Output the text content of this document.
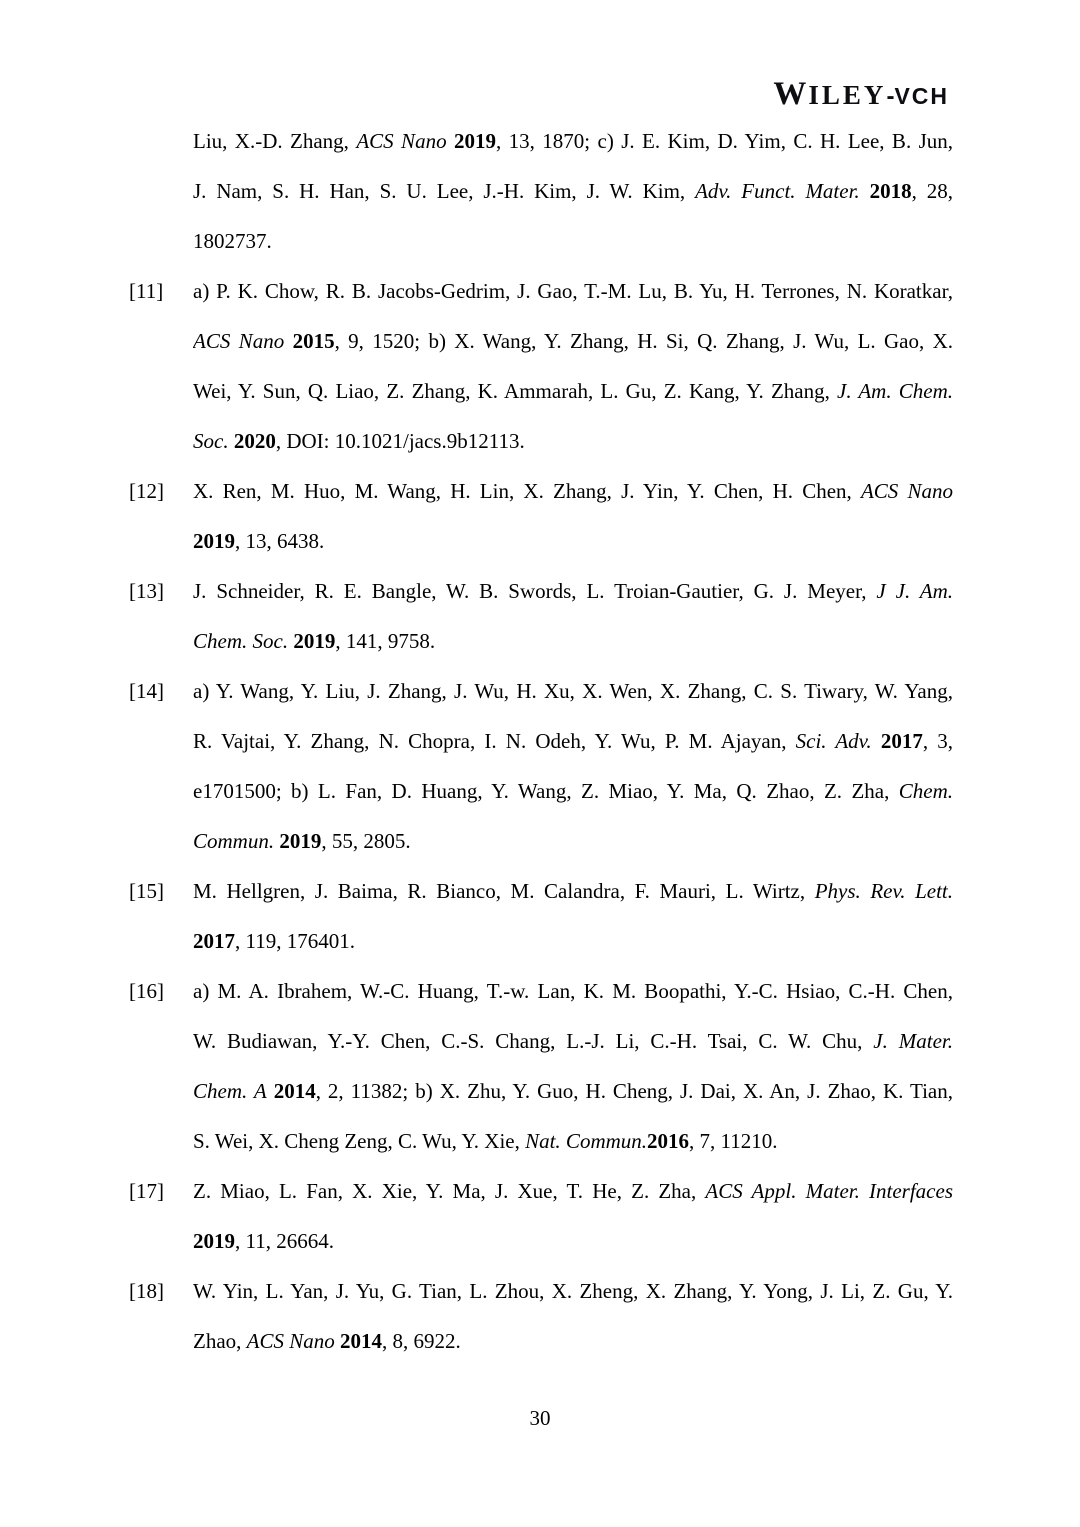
WILEY-VCH
Liu, X.-D. Zhang, ACS Nano 2019, 13, 1870; c) J. E. Kim, D. Yim, C. H. Lee, B. Jun,
J. Nam, S. H. Han, S. U. Lee, J.-H. Kim, J. W. Kim, Adv. Funct. Mater. 2018, 28,
1802737.
[11] a) P. K. Chow, R. B. Jacobs-Gedrim, J. Gao, T.-M. Lu, B. Yu, H. Terrones, N. Koratkar,
ACS Nano 2015, 9, 1520; b) X. Wang, Y. Zhang, H. Si, Q. Zhang, J. Wu, L. Gao, X.
Wei, Y. Sun, Q. Liao, Z. Zhang, K. Ammarah, L. Gu, Z. Kang, Y. Zhang, J. Am. Chem.
Soc. 2020, DOI: 10.1021/jacs.9b12113.
[12] X. Ren, M. Huo, M. Wang, H. Lin, X. Zhang, J. Yin, Y. Chen, H. Chen, ACS Nano
2019, 13, 6438.
[13] J. Schneider, R. E. Bangle, W. B. Swords, L. Troian-Gautier, G. J. Meyer, J J. Am.
Chem. Soc. 2019, 141, 9758.
[14] a) Y. Wang, Y. Liu, J. Zhang, J. Wu, H. Xu, X. Wen, X. Zhang, C. S. Tiwary, W. Yang,
R. Vajtai, Y. Zhang, N. Chopra, I. N. Odeh, Y. Wu, P. M. Ajayan, Sci. Adv. 2017, 3,
e1701500; b) L. Fan, D. Huang, Y. Wang, Z. Miao, Y. Ma, Q. Zhao, Z. Zha, Chem.
Commun. 2019, 55, 2805.
[15] M. Hellgren, J. Baima, R. Bianco, M. Calandra, F. Mauri, L. Wirtz, Phys. Rev. Lett.
2017, 119, 176401.
[16] a) M. A. Ibrahem, W.-C. Huang, T.-w. Lan, K. M. Boopathi, Y.-C. Hsiao, C.-H. Chen,
W. Budiawan, Y.-Y. Chen, C.-S. Chang, L.-J. Li, C.-H. Tsai, C. W. Chu, J. Mater.
Chem. A 2014, 2, 11382; b) X. Zhu, Y. Guo, H. Cheng, J. Dai, X. An, J. Zhao, K. Tian,
S. Wei, X. Cheng Zeng, C. Wu, Y. Xie, Nat. Commun.2016, 7, 11210.
[17] Z. Miao, L. Fan, X. Xie, Y. Ma, J. Xue, T. He, Z. Zha, ACS Appl. Mater. Interfaces
2019, 11, 26664.
[18] W. Yin, L. Yan, J. Yu, G. Tian, L. Zhou, X. Zheng, X. Zhang, Y. Yong, J. Li, Z. Gu, Y.
Zhao, ACS Nano 2014, 8, 6922.
30
